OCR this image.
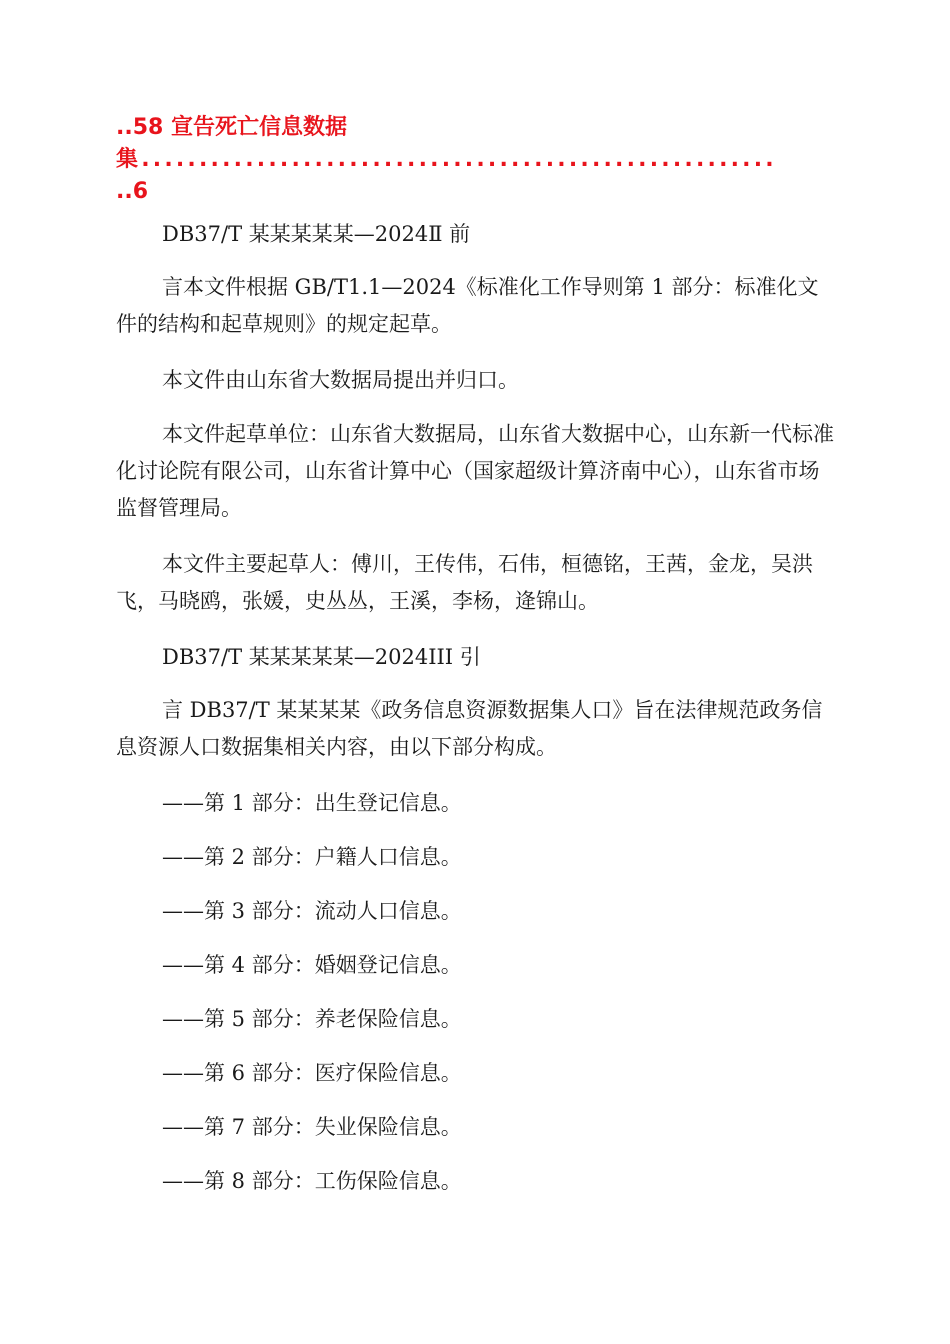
..58 宣告死亡信息数据
集.......................................................
..6

DB37/T 某某某某某—2024Ⅱ 前

言本文件根据 GB/T1.1—2024《标准化工作导则第 1 部分：标准化文件的结构和起草规则》的规定起草。

本文件由山东省大数据局提出并归口。

本文件起草单位：山东省大数据局，山东省大数据中心，山东新一代标准化讨论院有限公司，山东省计算中心（国家超级计算济南中心），山东省市场监督管理局。

本文件主要起草人：傅川，王传伟，石伟，桓德铭，王茜，金龙，吴洪飞，马晓鸥，张媛，史丛丛，王溪，李杨，逄锦山。

DB37/T 某某某某某—2024III 引

言 DB37/T 某某某某《政务信息资源数据集人口》旨在法律规范政务信息资源人口数据集相关内容，由以下部分构成。

——第 1 部分：出生登记信息。

——第 2 部分：户籍人口信息。

——第 3 部分：流动人口信息。

——第 4 部分：婚姻登记信息。

——第 5 部分：养老保险信息。

——第 6 部分：医疗保险信息。

——第 7 部分：失业保险信息。

——第 8 部分：工伤保险信息。
